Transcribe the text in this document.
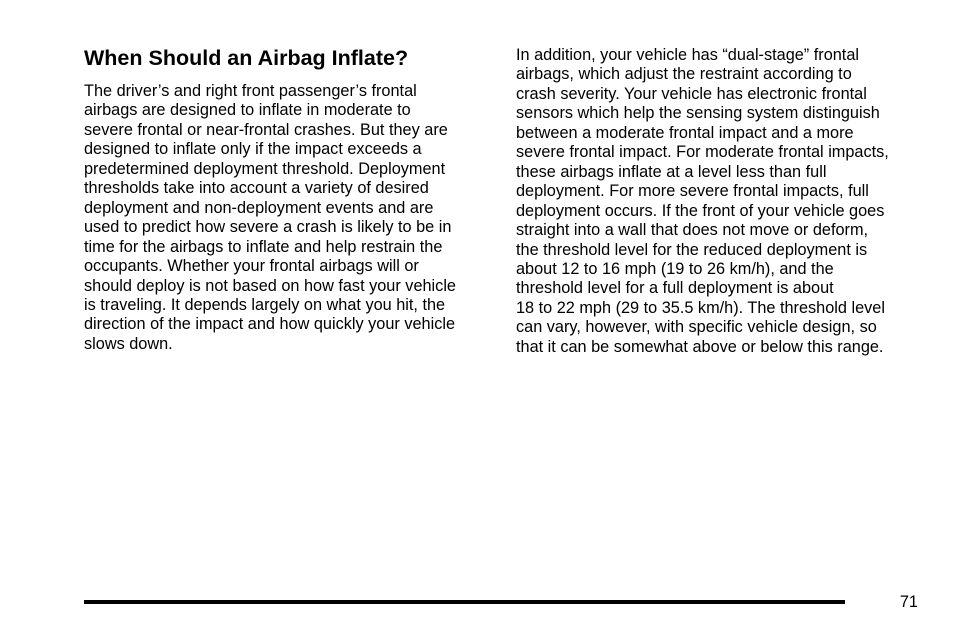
When Should an Airbag Inflate?

The driver’s and right front passenger’s frontal
airbags are designed to inflate in moderate to
severe frontal or near-frontal crashes. But they are
designed to inflate only if the impact exceeds a
predetermined deployment threshold. Deployment
thresholds take into account a variety of desired
deployment and non-deployment events and are
used to predict how severe a crash is likely to be in
time for the airbags to inflate and help restrain the
occupants. Whether your frontal airbags will or
should deploy is not based on how fast your vehicle
is traveling. It depends largely on what you hit, the
direction of the impact and how quickly your vehicle
slows down.

In addition, your vehicle has “dual-stage” frontal
airbags, which adjust the restraint according to
crash severity. Your vehicle has electronic frontal
sensors which help the sensing system distinguish
between a moderate frontal impact and a more
severe frontal impact. For moderate frontal impacts,
these airbags inflate at a level less than full
deployment. For more severe frontal impacts, full
deployment occurs. If the front of your vehicle goes
straight into a wall that does not move or deform,
the threshold level for the reduced deployment is
about 12 to 16 mph (19 to 26 km/h), and the
threshold level for a full deployment is about
18 to 22 mph (29 to 35.5 km/h). The threshold level
can vary, however, with specific vehicle design, so
that it can be somewhat above or below this range.

71
